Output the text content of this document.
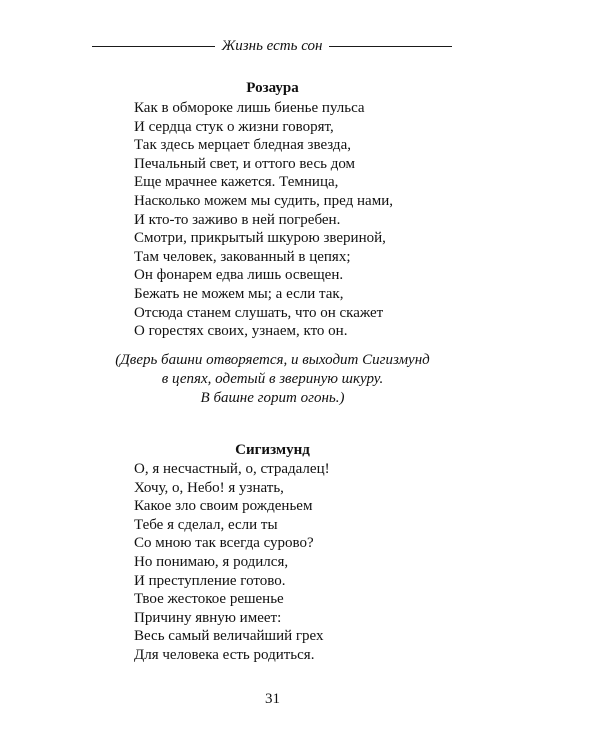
Жизнь есть сон
Розаура
Как в обмороке лишь биенье пульса
И сердца стук о жизни говорят,
Так здесь мерцает бледная звезда,
Печальный свет, и оттого весь дом
Еще мрачнее кажется. Темница,
Насколько можем мы судить, пред нами,
И кто-то заживо в ней погребен.
Смотри, прикрытый шкурою звериной,
Там человек, закованный в цепях;
Он фонарем едва лишь освещен.
Бежать не можем мы; а если так,
Отсюда станем слушать, что он скажет
О горестях своих, узнаем, кто он.
(Дверь башни отворяется, и выходит Сигизмунд
в цепях, одетый в звериную шкуру.
В башне горит огонь.)
Сигизмунд
О, я несчастный, о, страдалец!
Хочу, о, Небо! я узнать,
Какое зло своим рожденьем
Тебе я сделал, если ты
Со мною так всегда сурово?
Но понимаю, я родился,
И преступление готово.
Твое жестокое решенье
Причину явную имеет:
Весь самый величайший грех
Для человека есть родиться.
31
